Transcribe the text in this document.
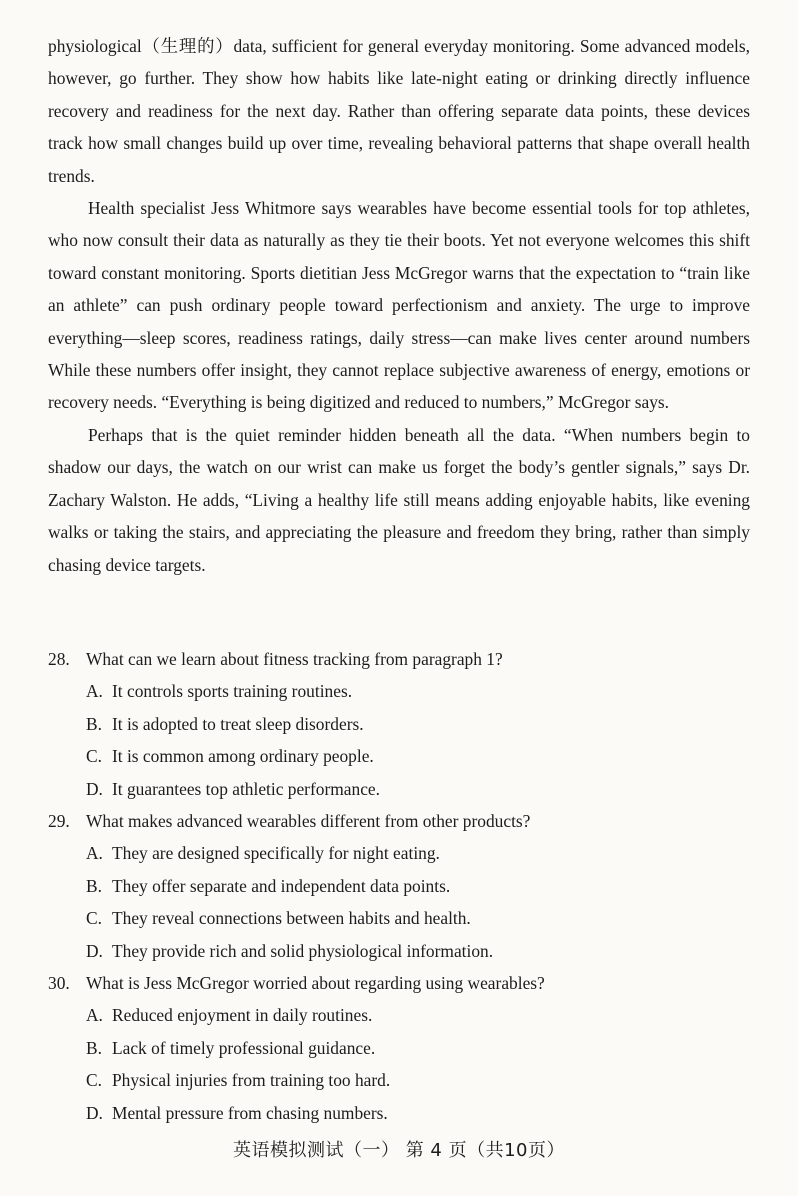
physiological（生理的）data, sufficient for general everyday monitoring. Some advanced models, however, go further. They show how habits like late-night eating or drinking directly influence recovery and readiness for the next day. Rather than offering separate data points, these devices track how small changes build up over time, revealing behavioral patterns that shape overall health trends.

Health specialist Jess Whitmore says wearables have become essential tools for top athletes, who now consult their data as naturally as they tie their boots. Yet not everyone welcomes this shift toward constant monitoring. Sports dietitian Jess McGregor warns that the expectation to “train like an athlete” can push ordinary people toward perfectionism and anxiety. The urge to improve everything—sleep scores, readiness ratings, daily stress—can make lives center around numbers While these numbers offer insight, they cannot replace subjective awareness of energy, emotions or recovery needs. “Everything is being digitized and reduced to numbers,” McGregor says.

Perhaps that is the quiet reminder hidden beneath all the data. “When numbers begin to shadow our days, the watch on our wrist can make us forget the body’s gentler signals,” says Dr. Zachary Walston. He adds, “Living a healthy life still means adding enjoyable habits, like evening walks or taking the stairs, and appreciating the pleasure and freedom they bring, rather than simply chasing device targets.

28. What can we learn about fitness tracking from paragraph 1?

A. It controls sports training routines.

B. It is adopted to treat sleep disorders.

C. It is common among ordinary people.

D. It guarantees top athletic performance.

29. What makes advanced wearables different from other products?

A. They are designed specifically for night eating.

B. They offer separate and independent data points.

C. They reveal connections between habits and health.

D. They provide rich and solid physiological information.

30. What is Jess McGregor worried about regarding using wearables?

A. Reduced enjoyment in daily routines.

B. Lack of timely professional guidance.

C. Physical injuries from training too hard.

D. Mental pressure from chasing numbers.

英语模拟测试（一） 第 4 页（共10页）
